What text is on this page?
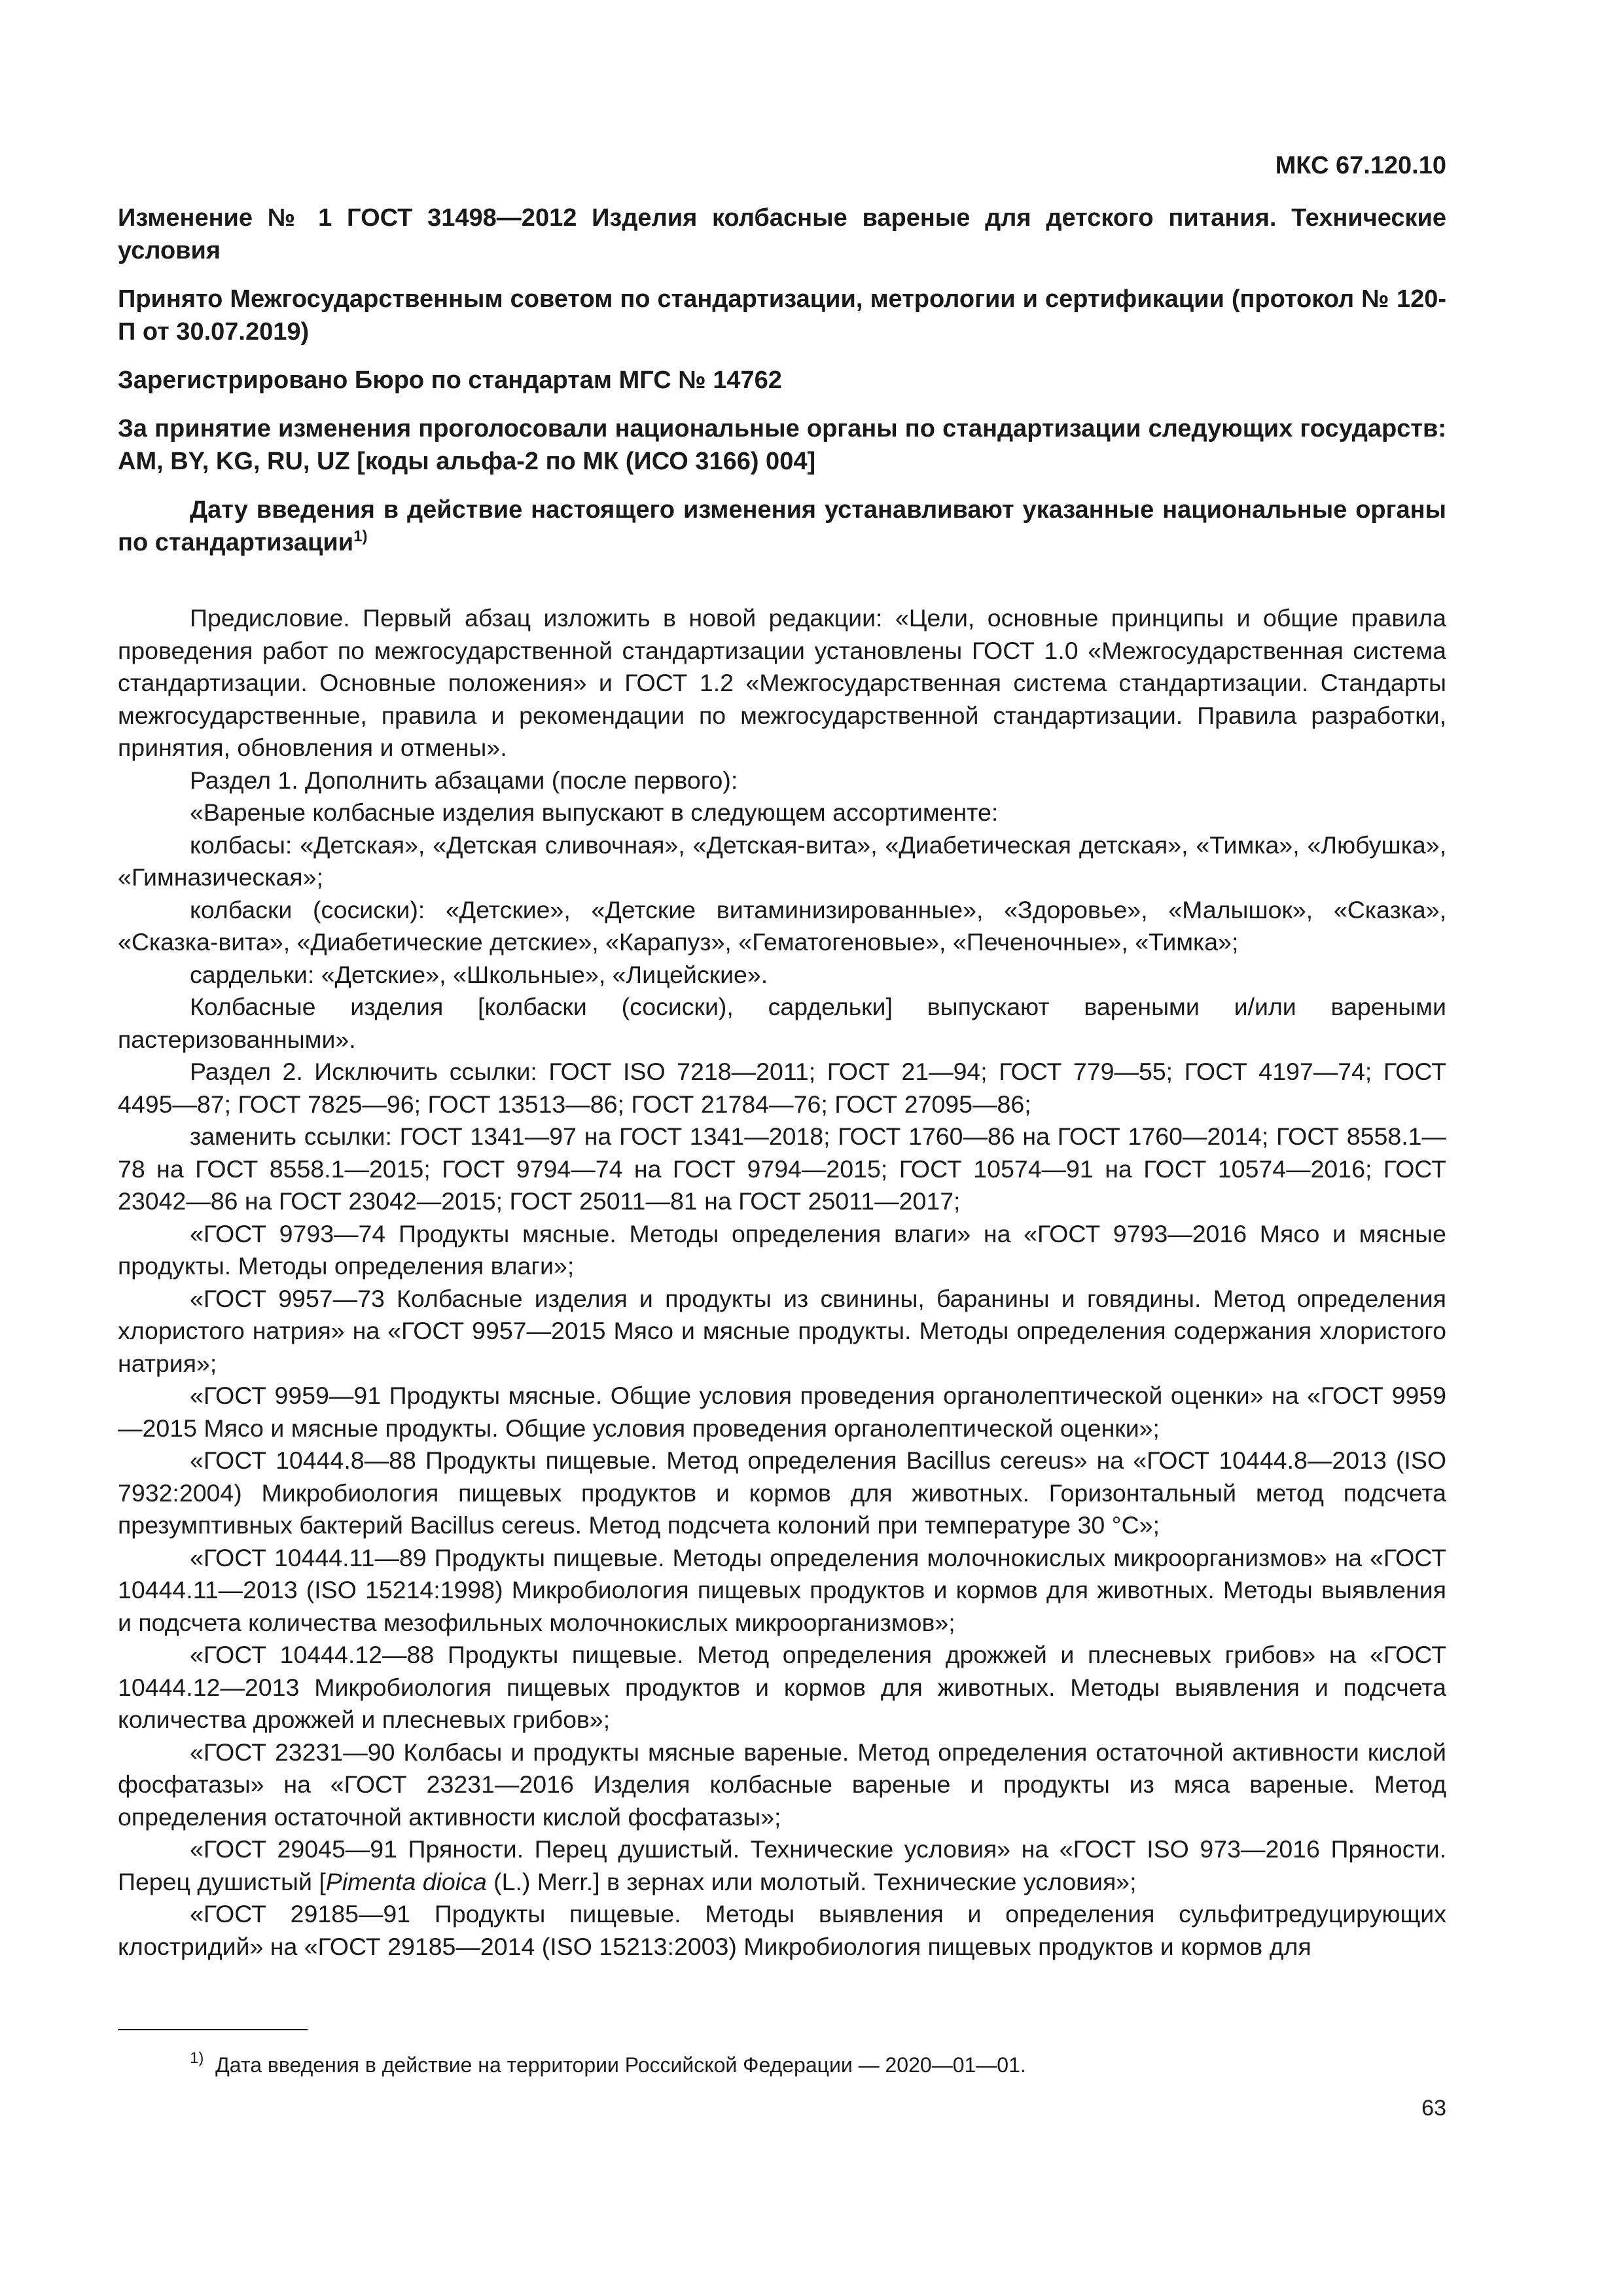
МКС 67.120.10

Изменение № 1 ГОСТ 31498—2012 Изделия колбасные вареные для детского питания. Технические условия

Принято Межгосударственным советом по стандартизации, метрологии и сертификации (протокол № 120-П от 30.07.2019)

Зарегистрировано Бюро по стандартам МГС № 14762

За принятие изменения проголосовали национальные органы по стандартизации следующих государств: AM, BY, KG, RU, UZ [коды альфа-2 по МК (ИСО 3166) 004]

Дату введения в действие настоящего изменения устанавливают указанные национальные органы по стандартизации$^{1)}$

Предисловие. Первый абзац изложить в новой редакции: «Цели, основные принципы и общие правила проведения работ по межгосударственной стандартизации установлены ГОСТ 1.0 «Межгосударственная система стандартизации. Основные положения» и ГОСТ 1.2 «Межгосударственная система стандартизации. Стандарты межгосударственные, правила и рекомендации по межгосударственной стандартизации. Правила разработки, принятия, обновления и отмены».

Раздел 1. Дополнить абзацами (после первого):

«Вареные колбасные изделия выпускают в следующем ассортименте:

колбасы: «Детская», «Детская сливочная», «Детская-вита», «Диабетическая детская», «Тимка», «Любушка», «Гимназическая»;

колбаски (сосиски): «Детские», «Детские витаминизированные», «Здоровье», «Малышок», «Сказка», «Сказка-вита», «Диабетические детские», «Карапуз», «Гематогеновые», «Печеночные», «Тимка»;

сардельки: «Детские», «Школьные», «Лицейские».

Колбасные изделия [колбаски (сосиски), сардельки] выпускают вареными и/или вареными пастеризованными».

Раздел 2. Исключить ссылки: ГОСТ ISO 7218—2011; ГОСТ 21—94; ГОСТ 779—55; ГОСТ 4197—74; ГОСТ 4495—87; ГОСТ 7825—96; ГОСТ 13513—86; ГОСТ 21784—76; ГОСТ 27095—86;

заменить ссылки: ГОСТ 1341—97 на ГОСТ 1341—2018; ГОСТ 1760—86 на ГОСТ 1760—2014; ГОСТ 8558.1—78 на ГОСТ 8558.1—2015; ГОСТ 9794—74 на ГОСТ 9794—2015; ГОСТ 10574—91 на ГОСТ 10574—2016; ГОСТ 23042—86 на ГОСТ 23042—2015; ГОСТ 25011—81 на ГОСТ 25011—2017;

«ГОСТ 9793—74 Продукты мясные. Методы определения влаги» на «ГОСТ 9793—2016 Мясо и мясные продукты. Методы определения влаги»;

«ГОСТ 9957—73 Колбасные изделия и продукты из свинины, баранины и говядины. Метод определения хлористого натрия» на «ГОСТ 9957—2015 Мясо и мясные продукты. Методы определения содержания хлористого натрия»;

«ГОСТ 9959—91 Продукты мясные. Общие условия проведения органолептической оценки» на «ГОСТ 9959—2015 Мясо и мясные продукты. Общие условия проведения органолептической оценки»;

«ГОСТ 10444.8—88 Продукты пищевые. Метод определения Bacillus cereus» на «ГОСТ 10444.8—2013 (ISO 7932:2004) Микробиология пищевых продуктов и кормов для животных. Горизонтальный метод подсчета презумптивных бактерий Bacillus cereus. Метод подсчета колоний при температуре 30 °C»;

«ГОСТ 10444.11—89 Продукты пищевые. Методы определения молочнокислых микроорганизмов» на «ГОСТ 10444.11—2013 (ISO 15214:1998) Микробиология пищевых продуктов и кормов для животных. Методы выявления и подсчета количества мезофильных молочнокислых микроорганизмов»;

«ГОСТ 10444.12—88 Продукты пищевые. Метод определения дрожжей и плесневых грибов» на «ГОСТ 10444.12—2013 Микробиология пищевых продуктов и кормов для животных. Методы выявления и подсчета количества дрожжей и плесневых грибов»;

«ГОСТ 23231—90 Колбасы и продукты мясные вареные. Метод определения остаточной активности кислой фосфатазы» на «ГОСТ 23231—2016 Изделия колбасные вареные и продукты из мяса вареные. Метод определения остаточной активности кислой фосфатазы»;

«ГОСТ 29045—91 Пряности. Перец душистый. Технические условия» на «ГОСТ ISO 973—2016 Пряности. Перец душистый [Pimenta dioica (L.) Merr.] в зернах или молотый. Технические условия»;

«ГОСТ 29185—91 Продукты пищевые. Методы выявления и определения сульфитредуцирующих клостридий» на «ГОСТ 29185—2014 (ISO 15213:2003) Микробиология пищевых продуктов и кормов для

$^{1)}$ Дата введения в действие на территории Российской Федерации — 2020—01—01.
63
